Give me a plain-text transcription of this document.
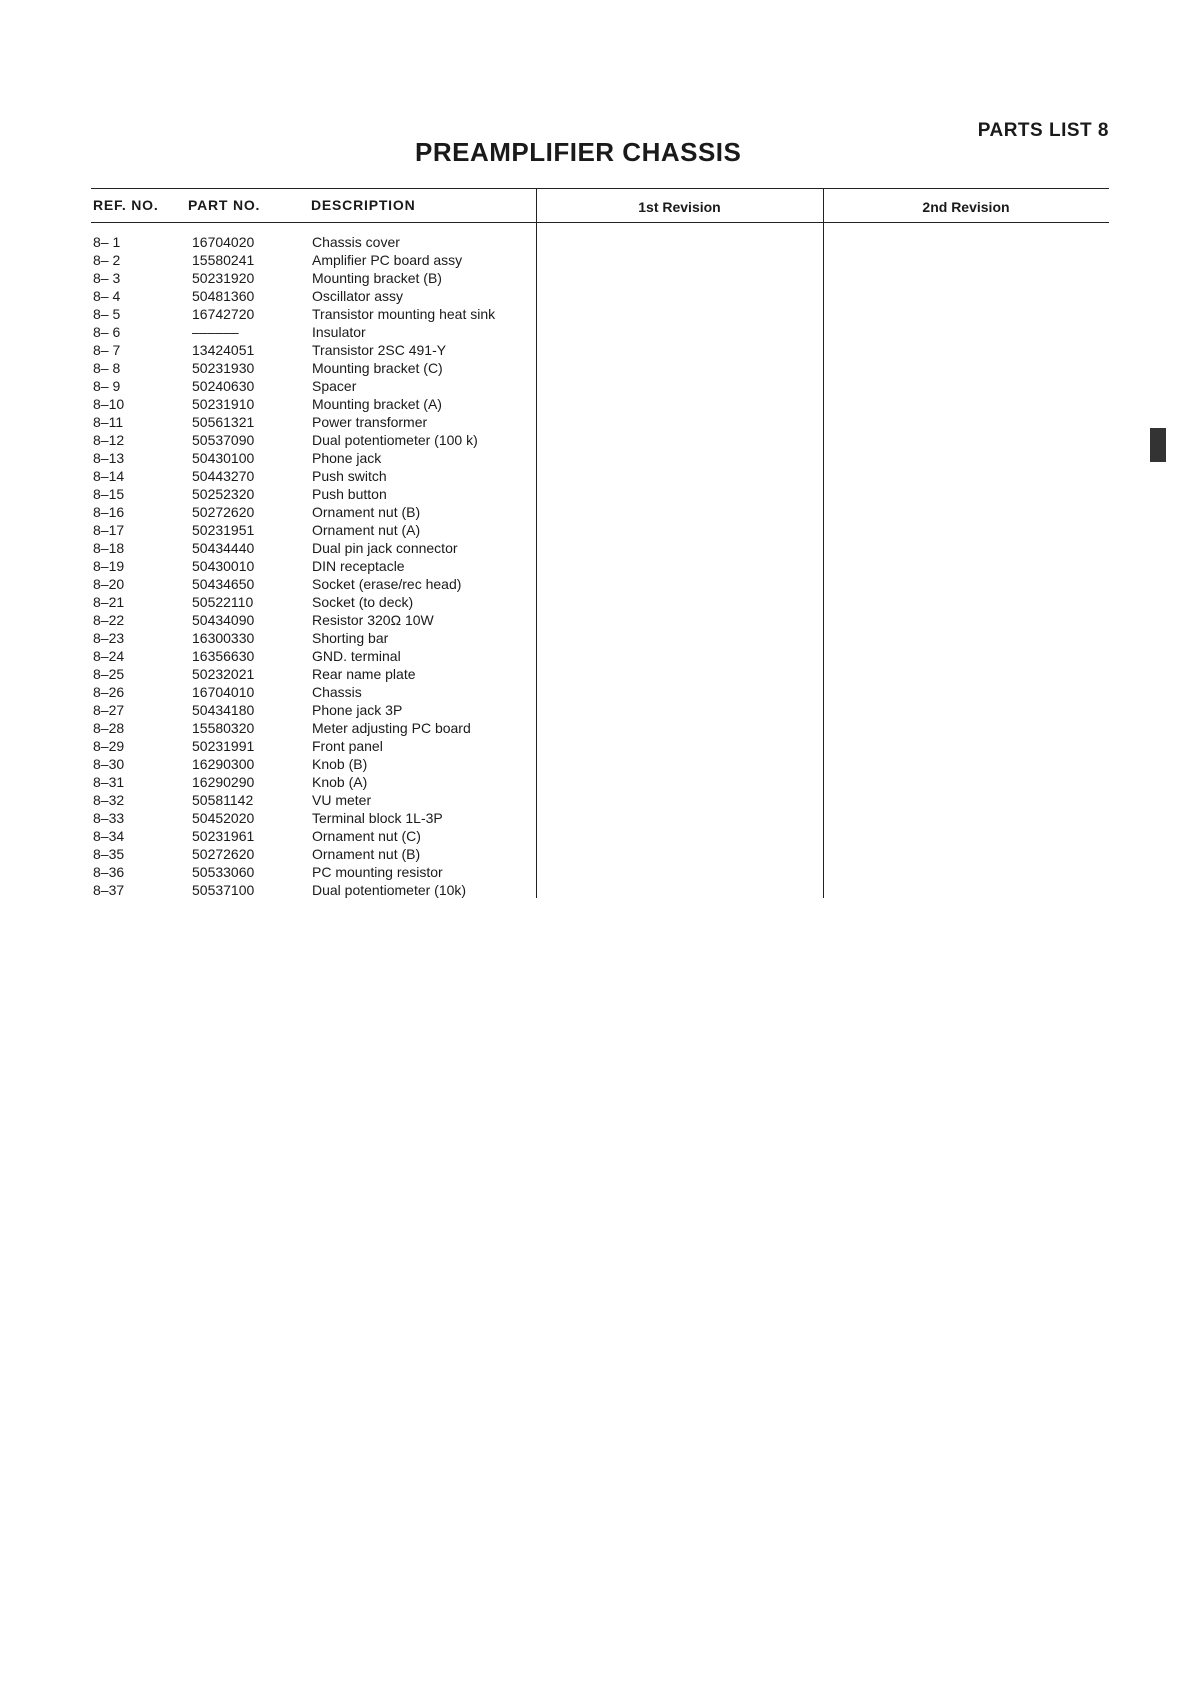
PARTS LIST 8
PREAMPLIFIER CHASSIS
REF. NO. PART NO.	DESCRIPTION	1st Revision	2nd Revision
8– 1	16704020	Chassis cover
8– 2	15580241	Amplifier PC board assy
8– 3	50231920	Mounting bracket (B)
8– 4	50481360	Oscillator assy
8– 5	16742720	Transistor mounting heat sink
8– 6	––––––	Insulator
8– 7	13424051	Transistor 2SC 491-Y
8– 8	50231930	Mounting bracket (C)
8– 9	50240630	Spacer
8–10	50231910	Mounting bracket (A)
8–11	50561321	Power transformer
8–12	50537090	Dual potentiometer (100 k)
8–13	50430100	Phone jack
8–14	50443270	Push switch
8–15	50252320	Push button
8–16	50272620	Ornament nut (B)
8–17	50231951	Ornament nut (A)
8–18	50434440	Dual pin jack connector
8–19	50430010	DIN receptacle
8–20	50434650	Socket (erase/rec head)
8–21	50522110	Socket (to deck)
8–22	50434090	Resistor 320Ω 10W
8–23	16300330	Shorting bar
8–24	16356630	GND. terminal
8–25	50232021	Rear name plate
8–26	16704010	Chassis
8–27	50434180	Phone jack 3P
8–28	15580320	Meter adjusting PC board
8–29	50231991	Front panel
8–30	16290300	Knob (B)
8–31	16290290	Knob (A)
8–32	50581142	VU meter
8–33	50452020	Terminal block 1L-3P
8–34	50231961	Ornament nut (C)
8–35	50272620	Ornament nut (B)
8–36	50533060	PC mounting resistor
8–37	50537100	Dual potentiometer (10k)
